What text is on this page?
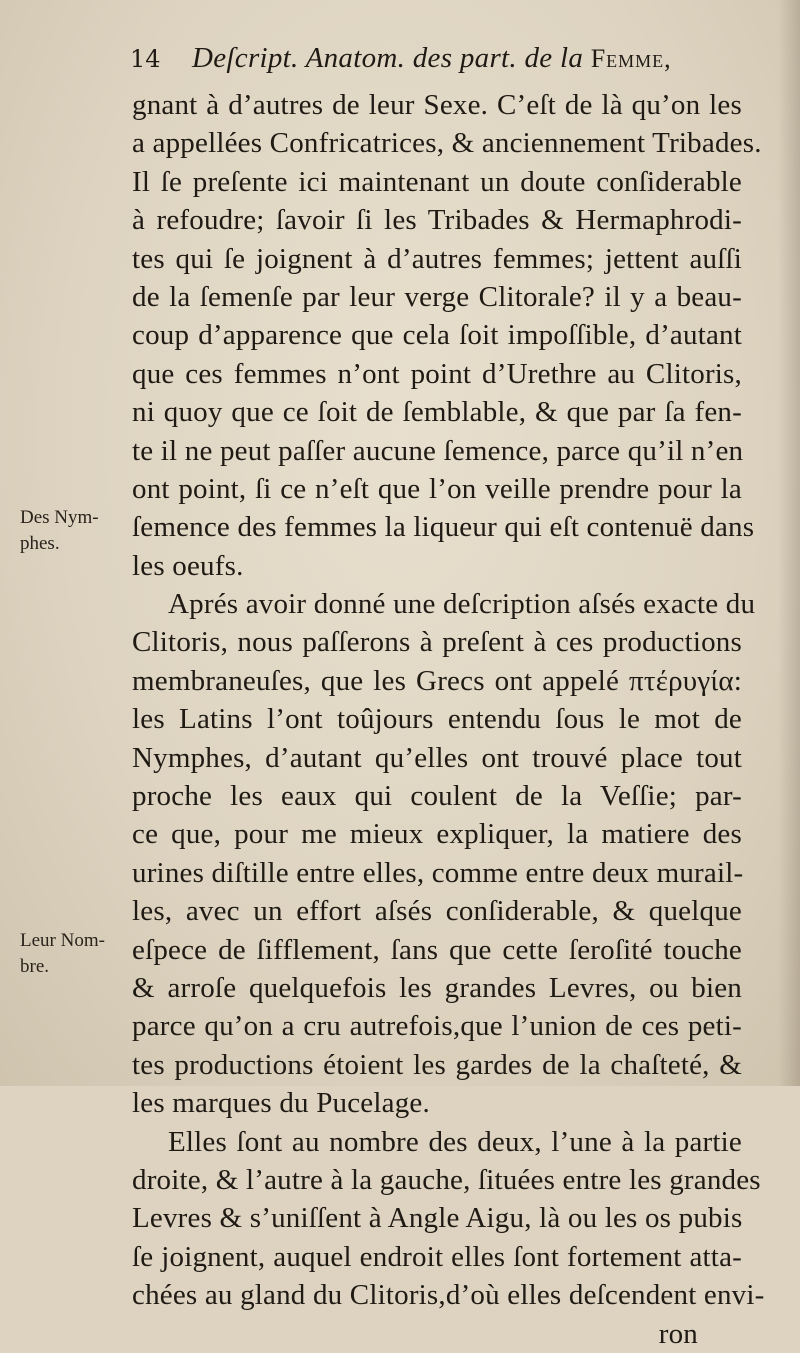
14 Deſcript. Anatom. des part. de la Femme,
Des Nym-
phes.
Leur Nom-
bre.
gnant à d’autres de leur Sexe. C’eſt de là qu’on les
a appellées Confricatrices, & anciennement Tribades.
Il ſe preſente ici maintenant un doute conſiderable
à refoudre; ſavoir ſi les Tribades & Hermaphrodi-
tes qui ſe joignent à d’autres femmes; jettent auſſi
de la ſemenſe par leur verge Clitorale? il y a beau-
coup d’apparence que cela ſoit impoſſible, d’autant
que ces femmes n’ont point d’Urethre au Clitoris,
ni quoy que ce ſoit de ſemblable, & que par ſa fen-
te il ne peut paſſer aucune ſemence, parce qu’il n’en
ont point, ſi ce n’eſt que l’on veille prendre pour la
ſemence des femmes la liqueur qui eſt contenuë dans
les oeufs.
Aprés avoir donné une deſcription aſsés exacte du
Clitoris, nous paſſerons à preſent à ces productions
membraneuſes, que les Grecs ont appelé πτέρυγία:
les Latins l’ont toûjours entendu ſous le mot de
Nymphes, d’autant qu’elles ont trouvé place tout
proche les eaux qui coulent de la Veſſie; par-
ce que, pour me mieux expliquer, la matiere des
urines diſtille entre elles, comme entre deux murail-
les, avec un effort aſsés conſiderable, & quelque
eſpece de ſifflement, ſans que cette ſeroſité touche
& arroſe quelquefois les grandes Levres, ou bien
parce qu’on a cru autrefois,que l’union de ces peti-
tes productions étoient les gardes de la chaſteté, &
les marques du Pucelage.
Elles ſont au nombre des deux, l’une à la partie
droite, & l’autre à la gauche, ſituées entre les grandes
Levres & s’uniſſent à Angle Aigu, là ou les os pubis
ſe joignent, auquel endroit elles ſont fortement atta-
chées au gland du Clitoris,d’où elles deſcendent envi-
ron
